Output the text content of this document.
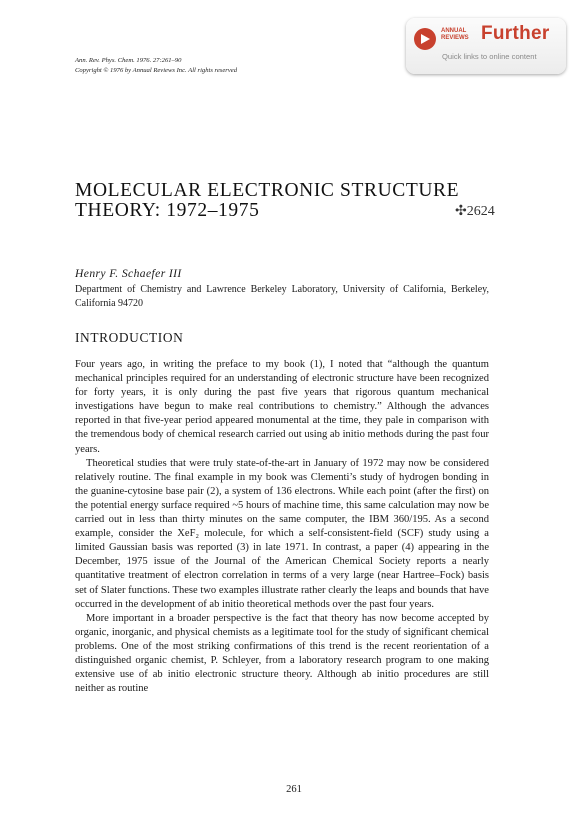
Ann. Rev. Phys. Chem. 1976. 27:261–90
Copyright © 1976 by Annual Reviews Inc. All rights reserved
ANNUAL REVIEWS Further
Quick links to online content
MOLECULAR ELECTRONIC STRUCTURE
THEORY: 1972–1975	✣2624
Henry F. Schaefer III
Department of Chemistry and Lawrence Berkeley Laboratory, University of California, Berkeley, California 94720
INTRODUCTION

Four years ago, in writing the preface to my book (1), I noted that “although the quantum mechanical principles required for an understanding of electronic structure have been recognized for forty years, it is only during the past five years that rigorous quantum mechanical investigations have begun to make real contributions to chemistry.” Although the advances reported in that five-year period appeared monumental at the time, they pale in comparison with the tremendous body of chemical research carried out using ab initio methods during the past four years.

Theoretical studies that were truly state-of-the-art in January of 1972 may now be considered relatively routine. The final example in my book was Clementi’s study of hydrogen bonding in the guanine-cytosine base pair (2), a system of 136 electrons. While each point (after the first) on the potential energy surface required ~5 hours of machine time, this same calculation may now be carried out in less than thirty minutes on the same computer, the IBM 360/195. As a second example, consider the XeF₂ molecule, for which a self-consistent-field (SCF) study using a limited Gaussian basis was reported (3) in late 1971. In contrast, a paper (4) appearing in the December, 1975 issue of the Journal of the American Chemical Society reports a nearly quantitative treatment of electron correlation in terms of a very large (near Hartree–Fock) basis set of Slater functions. These two examples illustrate rather clearly the leaps and bounds that have occurred in the development of ab initio theoretical methods over the past four years.

More important in a broader perspective is the fact that theory has now become accepted by organic, inorganic, and physical chemists as a legitimate tool for the study of significant chemical problems. One of the most striking confirmations of this trend is the recent reorientation of a distinguished organic chemist, P. Schleyer, from a laboratory research program to one making extensive use of ab initio electronic structure theory. Although ab initio procedures are still neither as routine

261
